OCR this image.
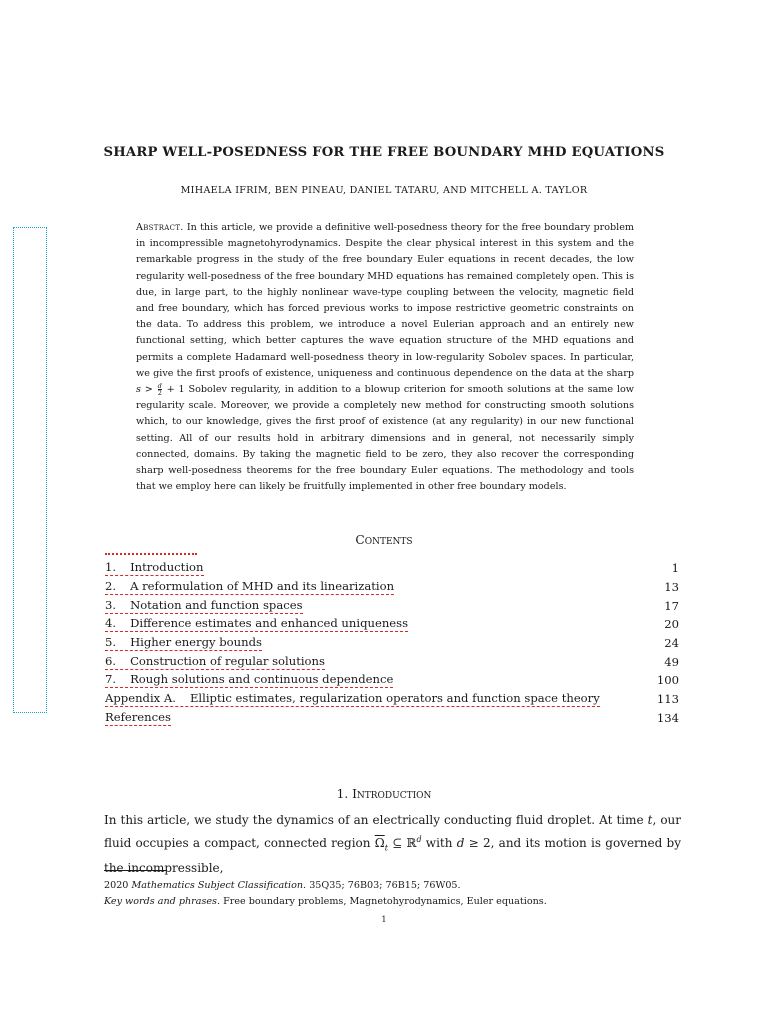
SHARP WELL-POSEDNESS FOR THE FREE BOUNDARY MHD EQUATIONS
MIHAELA IFRIM, BEN PINEAU, DANIEL TATARU, AND MITCHELL A. TAYLOR
Abstract. In this article, we provide a definitive well-posedness theory for the free boundary problem in incompressible magnetohyrodynamics. Despite the clear physical interest in this system and the remarkable progress in the study of the free boundary Euler equations in recent decades, the low regularity well-posedness of the free boundary MHD equations has remained completely open. This is due, in large part, to the highly nonlinear wave-type coupling between the velocity, magnetic field and free boundary, which has forced previous works to impose restrictive geometric constraints on the data. To address this problem, we introduce a novel Eulerian approach and an entirely new functional setting, which better captures the wave equation structure of the MHD equations and permits a complete Hadamard well-posedness theory in low-regularity Sobolev spaces. In particular, we give the first proofs of existence, uniqueness and continuous dependence on the data at the sharp $s > \frac{d}{2} + 1$ Sobolev regularity, in addition to a blowup criterion for smooth solutions at the same low regularity scale. Moreover, we provide a completely new method for constructing smooth solutions which, to our knowledge, gives the first proof of existence (at any regularity) in our new functional setting. All of our results hold in arbitrary dimensions and in general, not necessarily simply connected, domains. By taking the magnetic field to be zero, they also recover the corresponding sharp well-posedness theorems for the free boundary Euler equations. The methodology and tools that we employ here can likely be fruitfully implemented in other free boundary models.
Contents
1. Introduction	1
2. A reformulation of MHD and its linearization	13
3. Notation and function spaces	17
4. Difference estimates and enhanced uniqueness	20
5. Higher energy bounds	24
6. Construction of regular solutions	49
7. Rough solutions and continuous dependence	100
Appendix A. Elliptic estimates, regularization operators and function space theory	113
References	134
1. Introduction

In this article, we study the dynamics of an electrically conducting fluid droplet. At time t, our fluid occupies a compact, connected region $\overline{\Omega}_t$ ⊆ ℝ$^d$ with d ≥ 2, and its motion is governed by the incompressible,

2020 Mathematics Subject Classification. 35Q35; 76B03; 76B15; 76W05.

Key words and phrases. Free boundary problems, Magnetohyrodynamics, Euler equations.

1
